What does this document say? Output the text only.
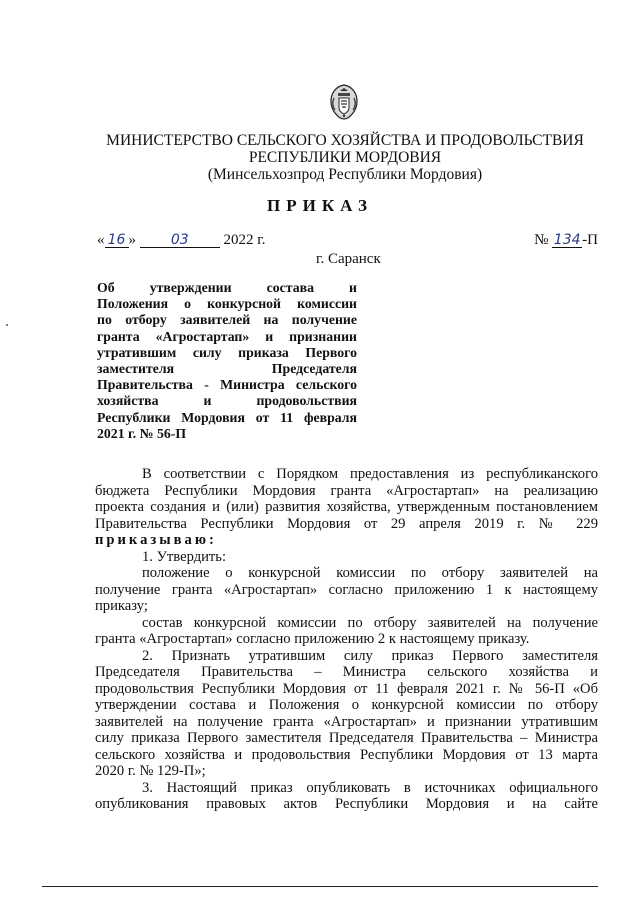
МИНИСТЕРСТВО СЕЛЬСКОГО ХОЗЯЙСТВА И ПРОДОВОЛЬСТВИЯ
РЕСПУБЛИКИ МОРДОВИЯ
(Минсельхозпрод Республики Мордовия)
ПРИКАЗ
« 16 » 03 2022 г.	№ 134 -П
г. Саранск
Об утверждении состава и
Положения о конкурсной комиссии
по отбору заявителей на получение
гранта «Агростартап» и признании
утратившим силу приказа Первого
заместителя Председателя
Правительства - Министра сельского
хозяйства и продовольствия
Республики Мордовия от 11 февраля
2021 г. № 56-П
В соответствии с Порядком предоставления из республиканского
бюджета Республики Мордовия гранта «Агростартап» на реализацию
проекта создания и (или) развития хозяйства, утвержденным постановлением
Правительства Республики Мордовия от 29 апреля 2019 г. № 229
приказываю:
1. Утвердить:
положение о конкурсной комиссии по отбору заявителей на
получение гранта «Агростартап» согласно приложению 1 к настоящему
приказу;
состав конкурсной комиссии по отбору заявителей на получение
гранта «Агростартап» согласно приложению 2 к настоящему приказу.
2. Признать утратившим силу приказ Первого заместителя
Председателя Правительства – Министра сельского хозяйства и
продовольствия Республики Мордовия от 11 февраля 2021 г. № 56-П «Об
утверждении состава и Положения о конкурсной комиссии по отбору
заявителей на получение гранта «Агростартап» и признании утратившим
силу приказа Первого заместителя Председателя Правительства – Министра
сельского хозяйства и продовольствия Республики Мордовия от 13 марта
2020 г. № 129-П»;
3. Настоящий приказ опубликовать в источниках официального
опубликования правовых актов Республики Мордовия и на сайте
